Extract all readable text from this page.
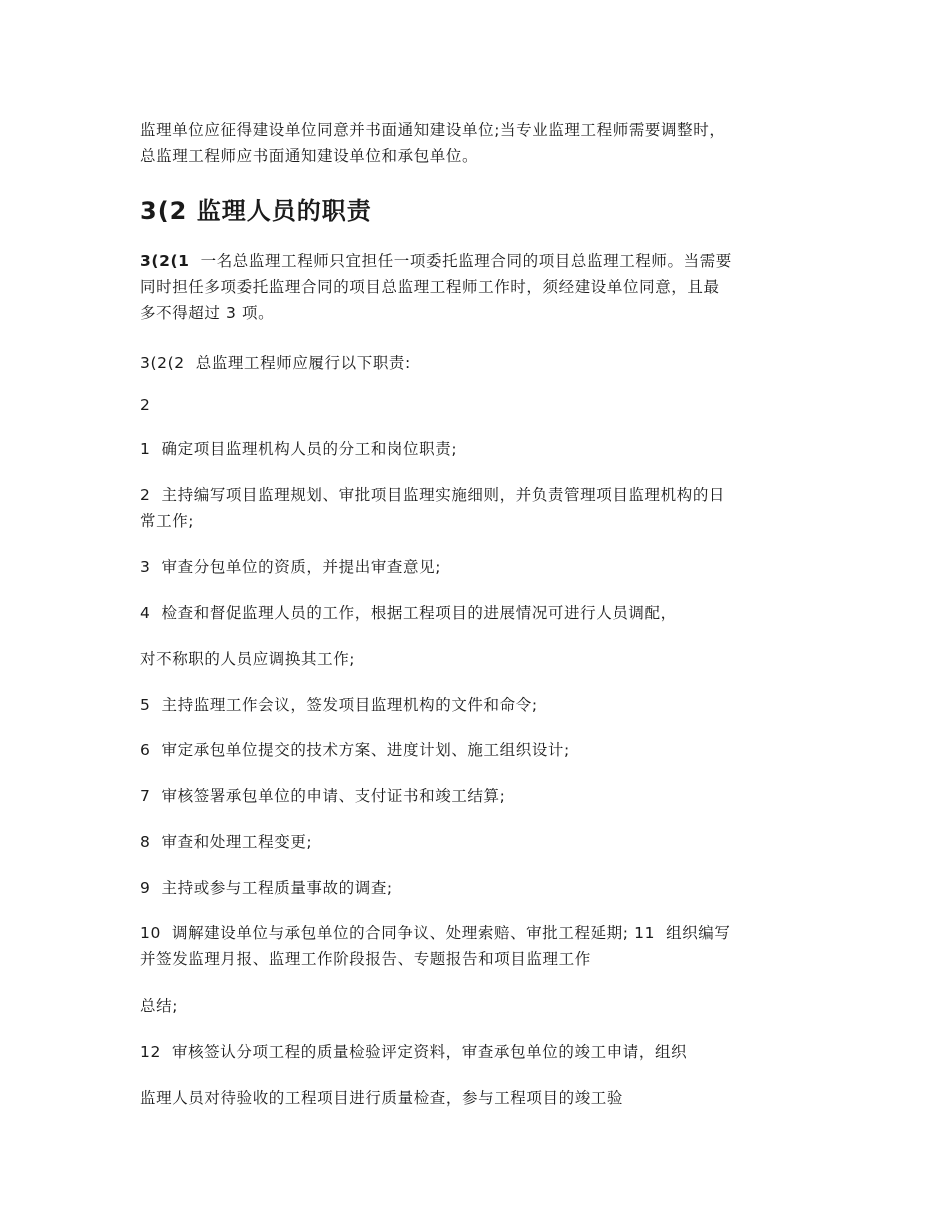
监理单位应征得建设单位同意并书面通知建设单位;当专业监理工程师需要调整时，

总监理工程师应书面通知建设单位和承包单位。

3(2 监理人员的职责

3(2(1 一名总监理工程师只宜担任一项委托监理合同的项目总监理工程师。当需要

同时担任多项委托监理合同的项目总监理工程师工作时，须经建设单位同意，且最

多不得超过 3 项。

3(2(2  总监理工程师应履行以下职责:

2

1  确定项目监理机构人员的分工和岗位职责;

2  主持编写项目监理规划、审批项目监理实施细则，并负责管理项目监理机构的日

常工作;

3  审查分包单位的资质，并提出审查意见;

4  检查和督促监理人员的工作，根据工程项目的进展情况可进行人员调配，

对不称职的人员应调换其工作;

5  主持监理工作会议，签发项目监理机构的文件和命令;

6  审定承包单位提交的技术方案、进度计划、施工组织设计;

7  审核签署承包单位的申请、支付证书和竣工结算;

8  审查和处理工程变更;

9  主持或参与工程质量事故的调查;

10  调解建设单位与承包单位的合同争议、处理索赔、审批工程延期; 11  组织编写

并签发监理月报、监理工作阶段报告、专题报告和项目监理工作

总结;

12  审核签认分项工程的质量检验评定资料，审查承包单位的竣工申请，组织

监理人员对待验收的工程项目进行质量检查，参与工程项目的竣工验
